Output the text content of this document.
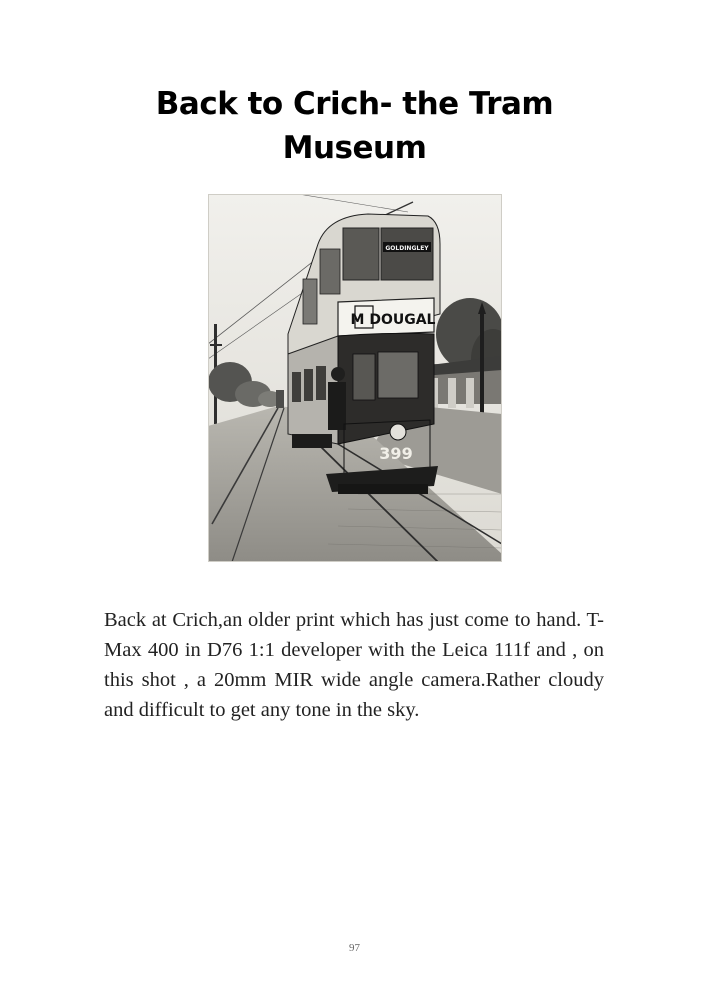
Back to Crich- the Tram Museum
GOLDINGLEY
M DOUGAL
399

Back at Crich,an older print which has just come to hand. T-Max 400 in D76 1:1 developer with the Leica 111f and , on this shot , a 20mm MIR wide angle camera.Rather cloudy and difficult to get any tone in the sky.

97
